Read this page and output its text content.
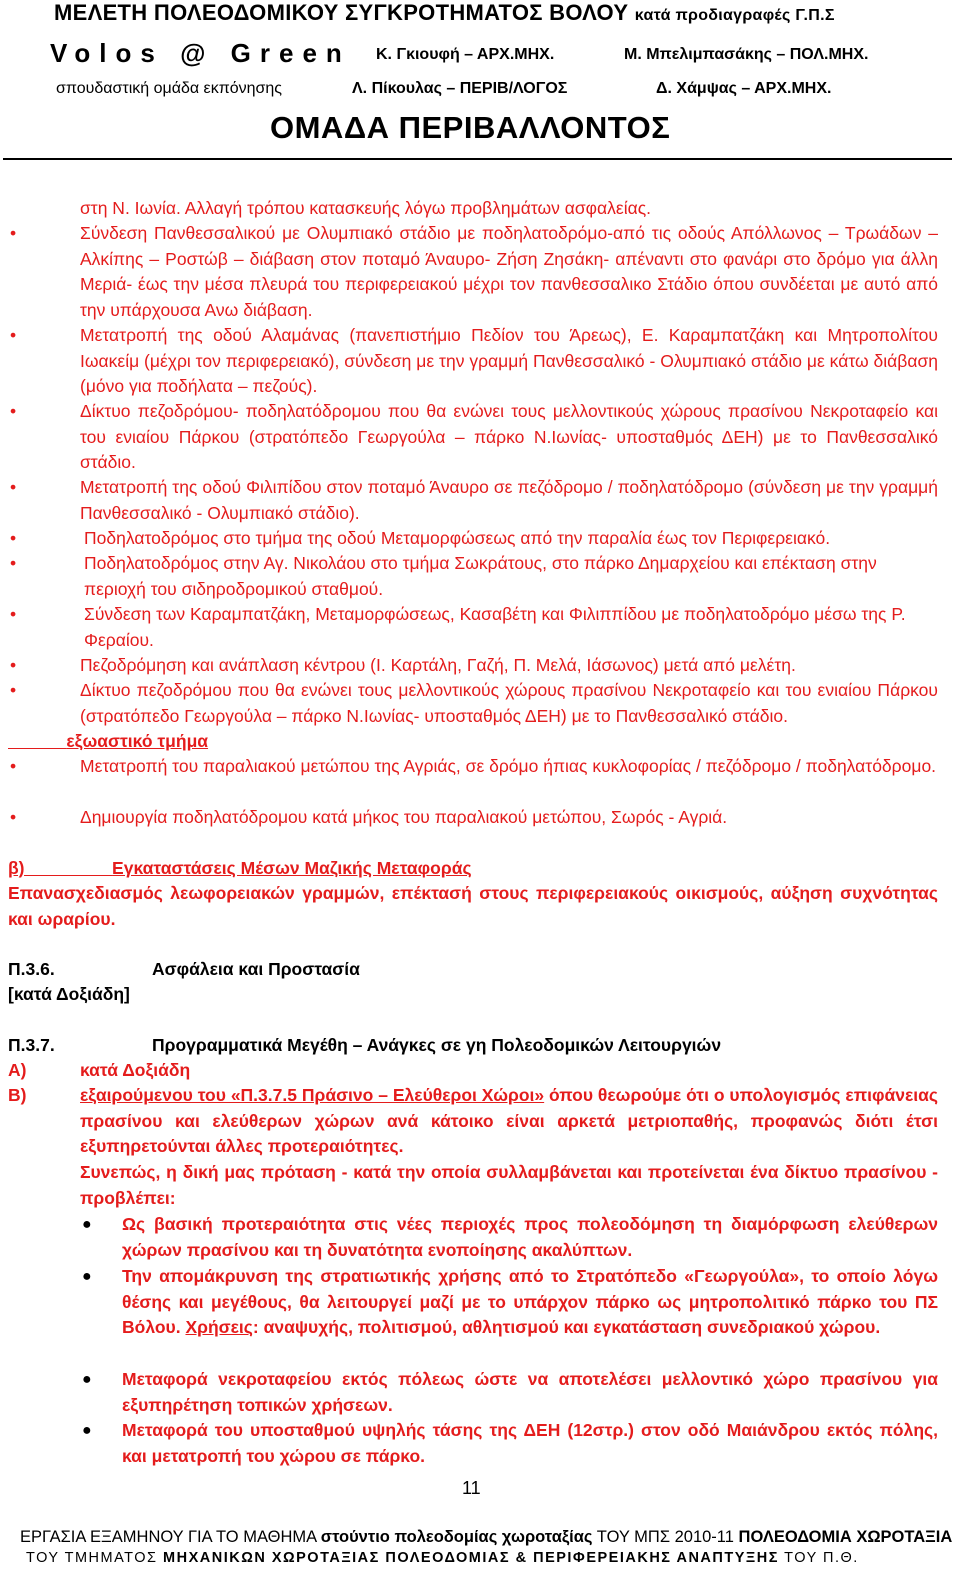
ΜΕΛΕΤΗ ΠΟΛΕΟΔΟΜΙΚΟΥ ΣΥΓΚΡΟΤΗΜΑΤΟΣ ΒΟΛΟΥ κατά προδιαγραφές Γ.Π.Σ
Volos @ Green Κ. Γκιουφή – ΑΡΧ.ΜΗΧ.	Μ. Μπελιμπασάκης – ΠΟΛ.ΜΗΧ.
σπουδαστική ομάδα εκπόνησης	Λ. Πίκουλας – ΠΕΡΙΒ/ΛΟΓΟΣ	Δ. Χάμψας – ΑΡΧ.ΜΗΧ.
ΟΜΑΔΑ ΠΕΡΙΒΑΛΛΟΝΤΟΣ
στη Ν. Ιωνία. Αλλαγή τρόπου κατασκευής λόγω προβλημάτων ασφαλείας.
•	Σύνδεση Πανθεσσαλικού με Ολυμπιακό στάδιο με ποδηλατοδρόμο-από τις οδούς Απόλλωνος – Τρωάδων – Αλκίπης – Ροστώβ – διάβαση στον ποταμό Άναυρο- Ζήση Ζησάκη- απέναντι στο φανάρι στο δρόμο για άλλη Μεριά- έως την μέσα πλευρά του περιφερειακού μέχρι τον πανθεσσαλικο Στάδιο όπου συνδέεται με αυτό από την υπάρχουσα Ανω διάβαση.
•	Μετατροπή της οδού Αλαμάνας (πανεπιστήμιο Πεδίον του Άρεως), Ε. Καραμπατζάκη και Μητροπολίτου Ιωακείμ (μέχρι τον περιφερειακό), σύνδεση με την γραμμή Πανθεσσαλικό - Ολυμπιακό στάδιο με κάτω διάβαση (μόνο για ποδήλατα – πεζούς).
•	Δίκτυο πεζοδρόμου- ποδηλατόδρομου που θα ενώνει τους μελλοντικούς χώρους πρασίνου Νεκροταφείο και του ενιαίου Πάρκου (στρατόπεδο Γεωργούλα – πάρκο Ν.Ιωνίας- υποσταθμός ΔΕΗ) με το Πανθεσσαλικό στάδιο.
•	Μετατροπή της οδού Φιλιπίδου στον ποταμό Άναυρο σε πεζόδρομο / ποδηλατόδρομο (σύνδεση με την γραμμή Πανθεσσαλικό - Ολυμπιακό στάδιο).
•	Ποδηλατοδρόμος στο τμήμα της οδού Μεταμορφώσεως από την παραλία έως τον Περιφερειακό.
•	Ποδηλατοδρόμος στην Αγ. Νικολάου στο τμήμα Σωκράτους, στο πάρκο Δημαρχείου και επέκταση στην περιοχή του σιδηροδρομικού σταθμού.
•	Σύνδεση των Καραμπατζάκη, Μεταμορφώσεως, Κασαβέτη και Φιλιππίδου με ποδηλατοδρόμο μέσω της Ρ. Φεραίου.
•	Πεζοδρόμηση και ανάπλαση κέντρου (Ι. Καρτάλη, Γαζή, Π. Μελά, Ιάσωνος) μετά από μελέτη.
•	Δίκτυο πεζοδρόμου που θα ενώνει τους μελλοντικούς χώρους πρασίνου Νεκροταφείο και του ενιαίου Πάρκου (στρατόπεδο Γεωργούλα – πάρκο Ν.Ιωνίας- υποσταθμός ΔΕΗ) με το Πανθεσσαλικό στάδιο.
εξωαστικό τμήμα
•	Μετατροπή του παραλιακού μετώπου της Αγριάς, σε δρόμο ήπιας κυκλοφορίας / πεζόδρομο / ποδηλατόδρομο.
•	Δημιουργία ποδηλατόδρομου κατά μήκος του παραλιακού μετώπου, Σωρός - Αγριά.
β)	Εγκαταστάσεις Μέσων Μαζικής Μεταφοράς
Επανασχεδιασμός λεωφορειακών γραμμών, επέκτασή στους περιφερειακούς οικισμούς, αύξηση συχνότητας και ωραρίου.
Π.3.6.	Ασφάλεια και Προστασία
[κατά Δοξιάδη]
Π.3.7.	Προγραμματικά Μεγέθη – Ανάγκες σε γη Πολεοδομικών Λειτουργιών
Α)	κατά Δοξιάδη
Β)	εξαιρούμενου του «Π.3.7.5 Πράσινο – Ελεύθεροι Χώροι» όπου θεωρούμε ότι ο υπολογισμός επιφάνειας πρασίνου και ελεύθερων χώρων ανά κάτοικο είναι αρκετά μετριοπαθής, προφανώς διότι έτσι εξυπηρετούνται άλλες προτεραιότητες.
Συνεπώς, η δική μας πρόταση - κατά την οποία συλλαμβάνεται και προτείνεται ένα δίκτυο πρασίνου - προβλέπει:
● Ως βασική προτεραιότητα στις νέες περιοχές προς πολεοδόμηση τη διαμόρφωση ελεύθερων χώρων πρασίνου και τη δυνατότητα ενοποίησης ακαλύπτων.
● Την απομάκρυνση της στρατιωτικής χρήσης από το Στρατόπεδο «Γεωργούλα», το οποίο λόγω θέσης και μεγέθους, θα λειτουργεί μαζί με το υπάρχον πάρκο ως μητροπολιτικό πάρκο του ΠΣ Βόλου. Χρήσεις: αναψυχής, πολιτισμού, αθλητισμού και εγκατάσταση συνεδριακού χώρου.
● Μεταφορά νεκροταφείου εκτός πόλεως ώστε να αποτελέσει μελλοντικό χώρο πρασίνου για εξυπηρέτηση τοπικών χρήσεων.
● Μεταφορά του υποσταθμού υψηλής τάσης της ΔΕΗ (12στρ.) στον οδό Μαιάνδρου εκτός πόλης, και μετατροπή του χώρου σε πάρκο.
11
ΕΡΓΑΣΙΑ ΕΞΑΜΗΝΟΥ ΓΙΑ ΤΟ ΜΑΘΗΜΑ στούντιο πολεοδομίας χωροταξίας ΤΟΥ ΜΠΣ 2010-11 ΠΟΛΕΟΔΟΜΙΑ ΧΩΡΟΤΑΞΙΑ
ΤΟΥ ΤΜΗΜΑΤΟΣ ΜΗΧΑΝΙΚΩΝ ΧΩΡΟΤΑΞΙΑΣ ΠΟΛΕΟΔΟΜΙΑΣ & ΠΕΡΙΦΕΡΕΙΑΚΗΣ ΑΝΑΠΤΥΞΗΣ ΤΟΥ Π.Θ.
